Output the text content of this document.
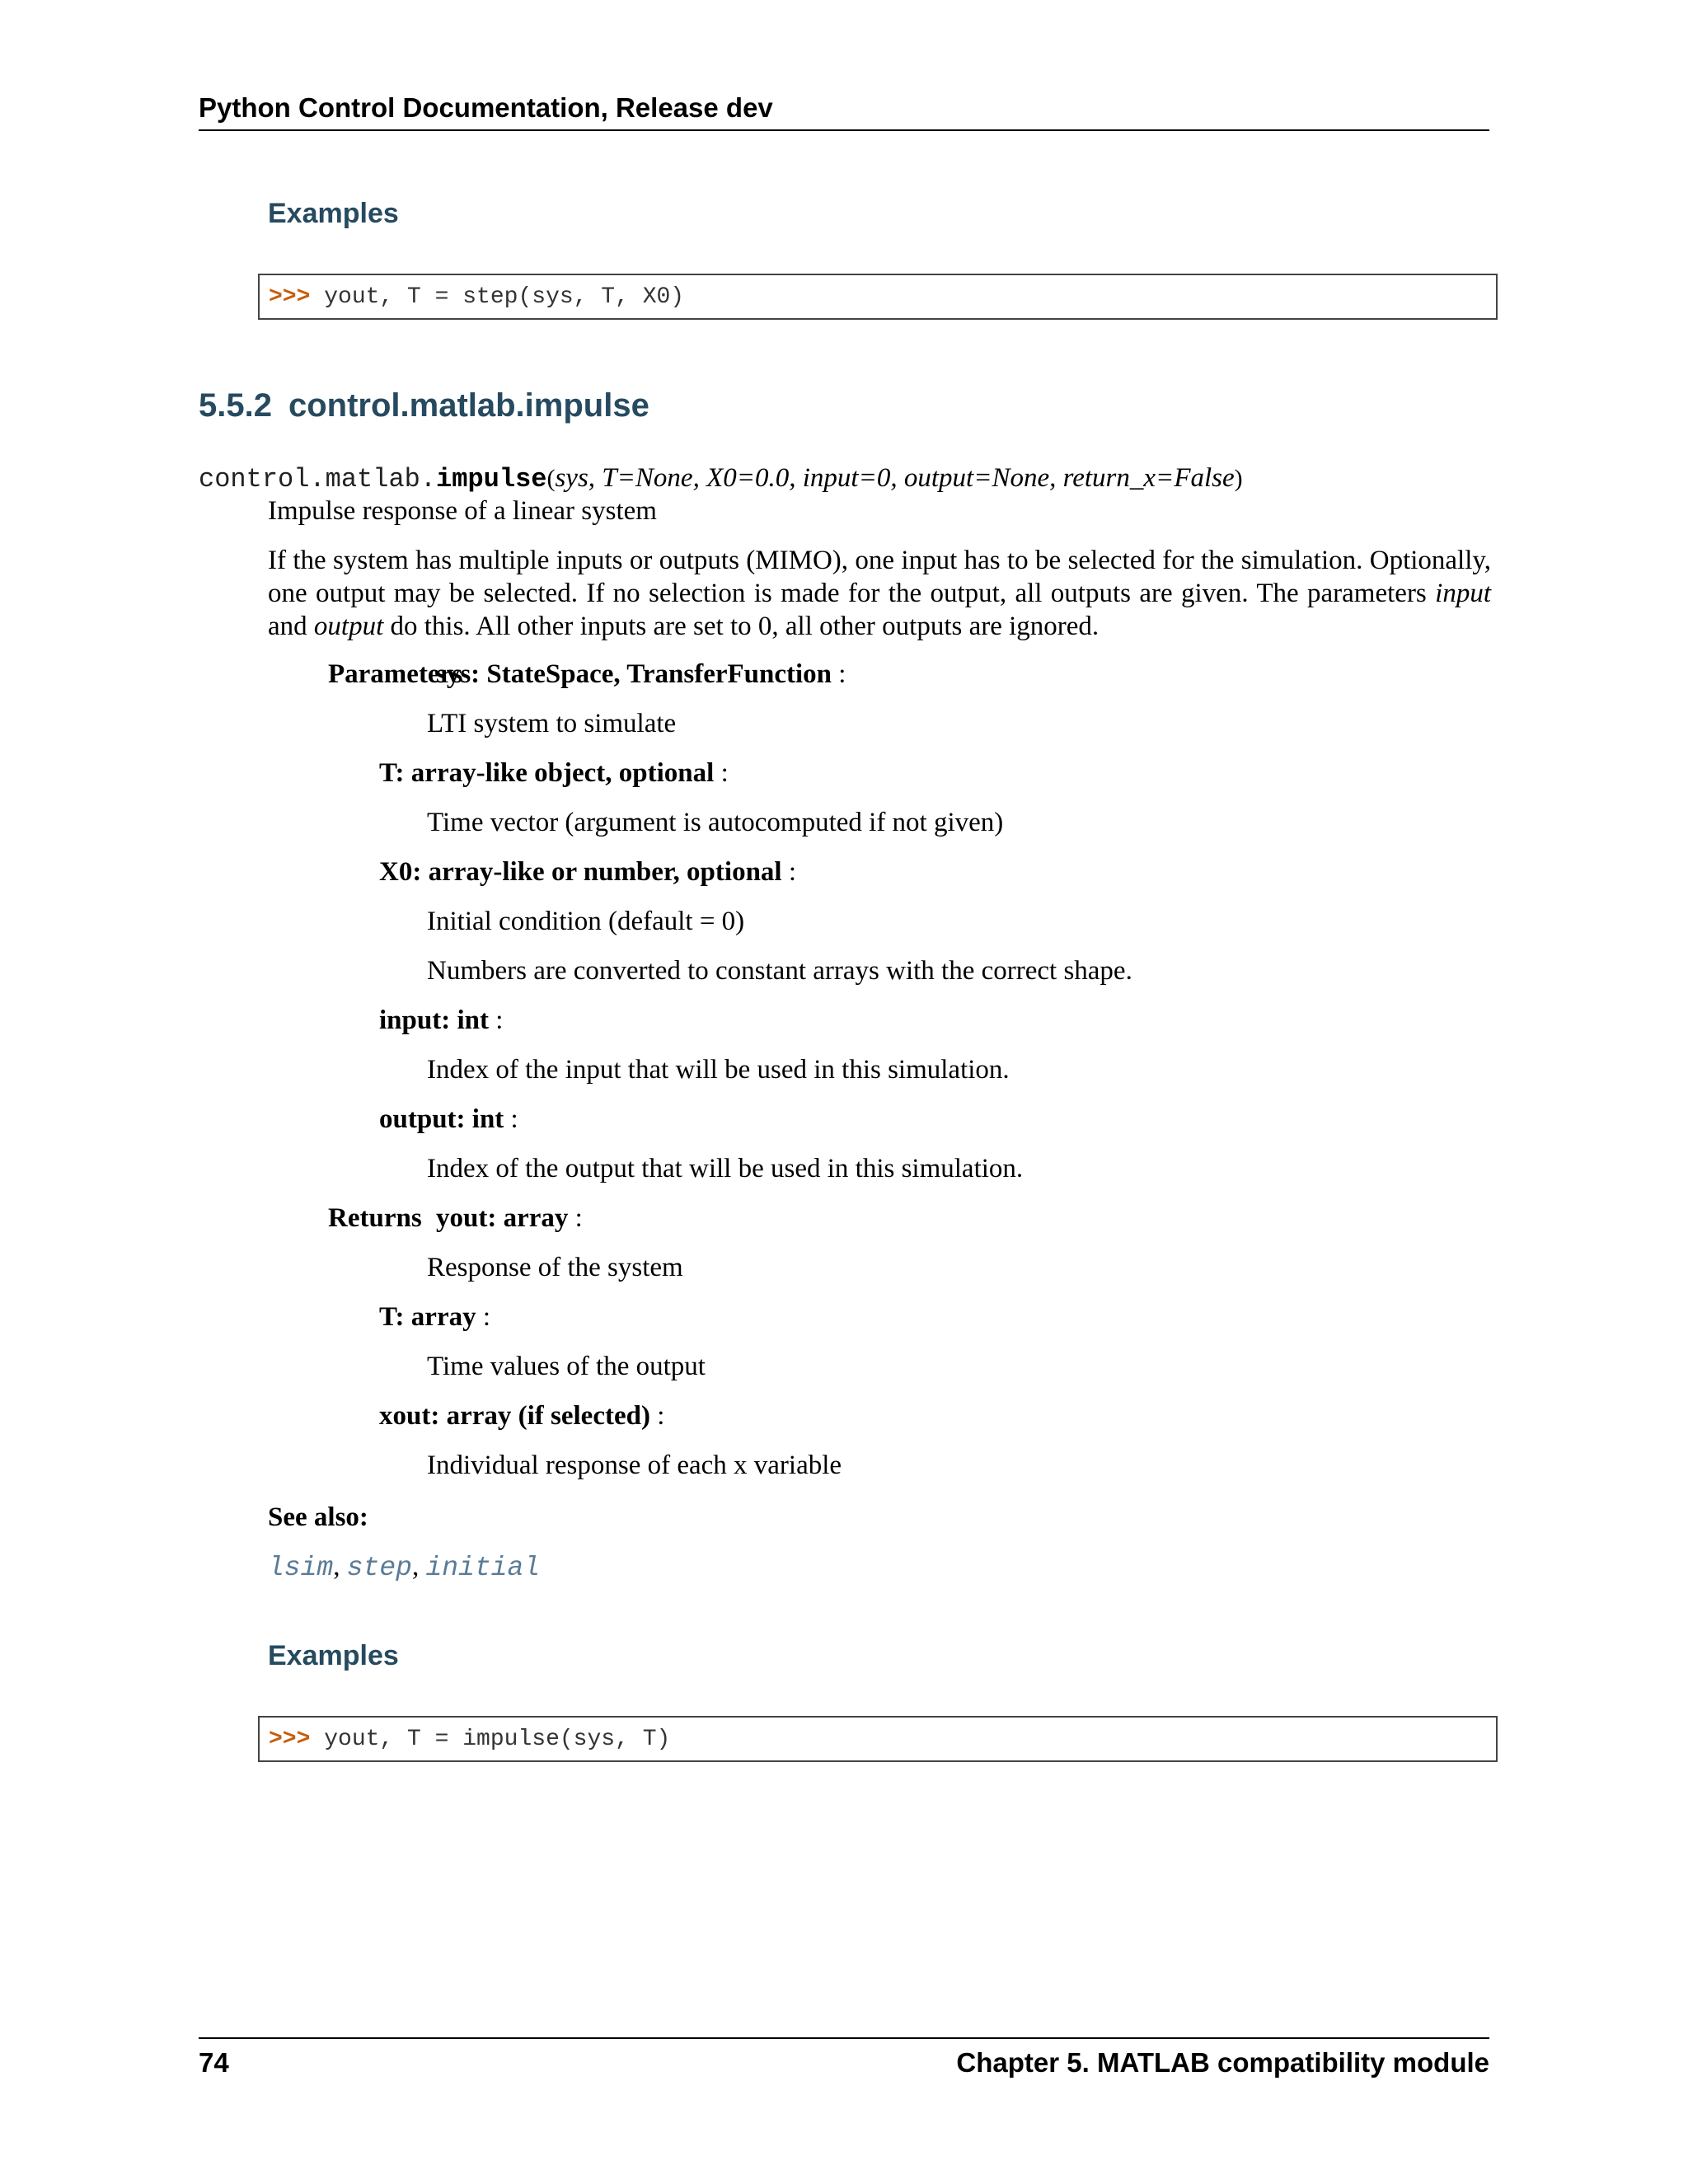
Python Control Documentation, Release dev
Examples
>>> yout, T = step(sys, T, X0)
5.5.2 control.matlab.impulse
control.matlab.impulse(sys, T=None, X0=0.0, input=0, output=None, return_x=False)
Impulse response of a linear system
If the system has multiple inputs or outputs (MIMO), one input has to be selected for the simulation. Optionally, one output may be selected. If no selection is made for the output, all outputs are given. The parameters input and output do this. All other inputs are set to 0, all other outputs are ignored.
Parameters
sys: StateSpace, TransferFunction :
LTI system to simulate
T: array-like object, optional :
Time vector (argument is autocomputed if not given)
X0: array-like or number, optional :
Initial condition (default = 0)
Numbers are converted to constant arrays with the correct shape.
input: int :
Index of the input that will be used in this simulation.
output: int :
Index of the output that will be used in this simulation.
Returns yout: array :
Response of the system
T: array :
Time values of the output
xout: array (if selected) :
Individual response of each x variable
See also:
lsim, step, initial
Examples
>>> yout, T = impulse(sys, T)
74	Chapter 5. MATLAB compatibility module
